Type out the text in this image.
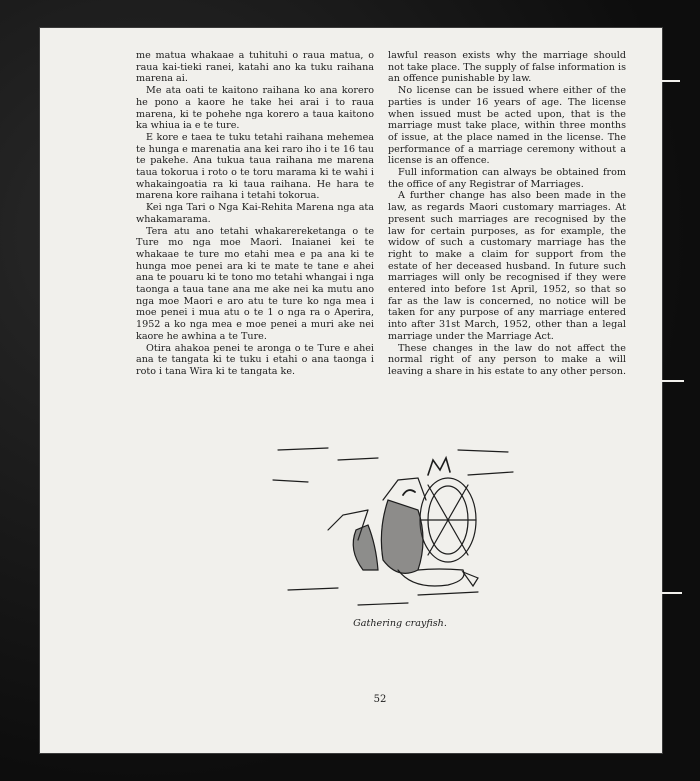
me matua whakaae a tuhituhi o raua matua, o raua kai-tieki ranei, katahi ano ka tuku raihana marena ai.

Me ata oati te kaitono raihana ko ana korero he pono a kaore he take hei arai i to raua marena, ki te pohehe nga korero a taua kaitono ka whiua ia e te ture.

E kore e taea te tuku tetahi raihana mehemea te hunga e marenatia ana kei raro iho i te 16 tau te pakehe. Ana tukua taua raihana me marena taua tokorua i roto o te toru marama ki te wahi i whakaingoatia ra ki taua raihana. He hara te marena kore raihana i tetahi tokorua.

Kei nga Tari o Nga Kai-Rehita Marena nga ata whakamarama.

Tera atu ano tetahi whakarereketanga o te Ture mo nga moe Maori. Inaianei kei te whakaae te ture mo etahi mea e pa ana ki te hunga moe penei ara ki te mate te tane e ahei ana te pouaru ki te tono mo tetahi whangai i nga taonga a taua tane ana me ake nei ka mutu ano nga moe Maori e aro atu te ture ko nga mea i moe penei i mua atu o te 1 o nga ra o Aperira, 1952 a ko nga mea e moe penei a muri ake nei kaore he awhina a te Ture.

Otira ahakoa penei te aronga o te Ture e ahei ana te tangata ki te tuku i etahi o ana taonga i roto i tana Wira ki te tangata ke.

lawful reason exists why the marriage should not take place. The supply of false information is an offence punishable by law.

No license can be issued where either of the parties is under 16 years of age. The license when issued must be acted upon, that is the marriage must take place, within three months of issue, at the place named in the license. The performance of a marriage ceremony without a license is an offence.

Full information can always be obtained from the office of any Registrar of Marriages.

A further change has also been made in the law, as regards Maori customary marriages. At present such marriages are recognised by the law for certain purposes, as for example, the widow of such a customary marriage has the right to make a claim for support from the estate of her deceased husband. In future such marriages will only be recognised if they were entered into before 1st April, 1952, so that so far as the law is concerned, no notice will be taken for any purpose of any marriage entered into after 31st March, 1952, other than a legal marriage under the Marriage Act.

These changes in the law do not affect the normal right of any person to make a will leaving a share in his estate to any other person.

Gathering crayfish.
52
